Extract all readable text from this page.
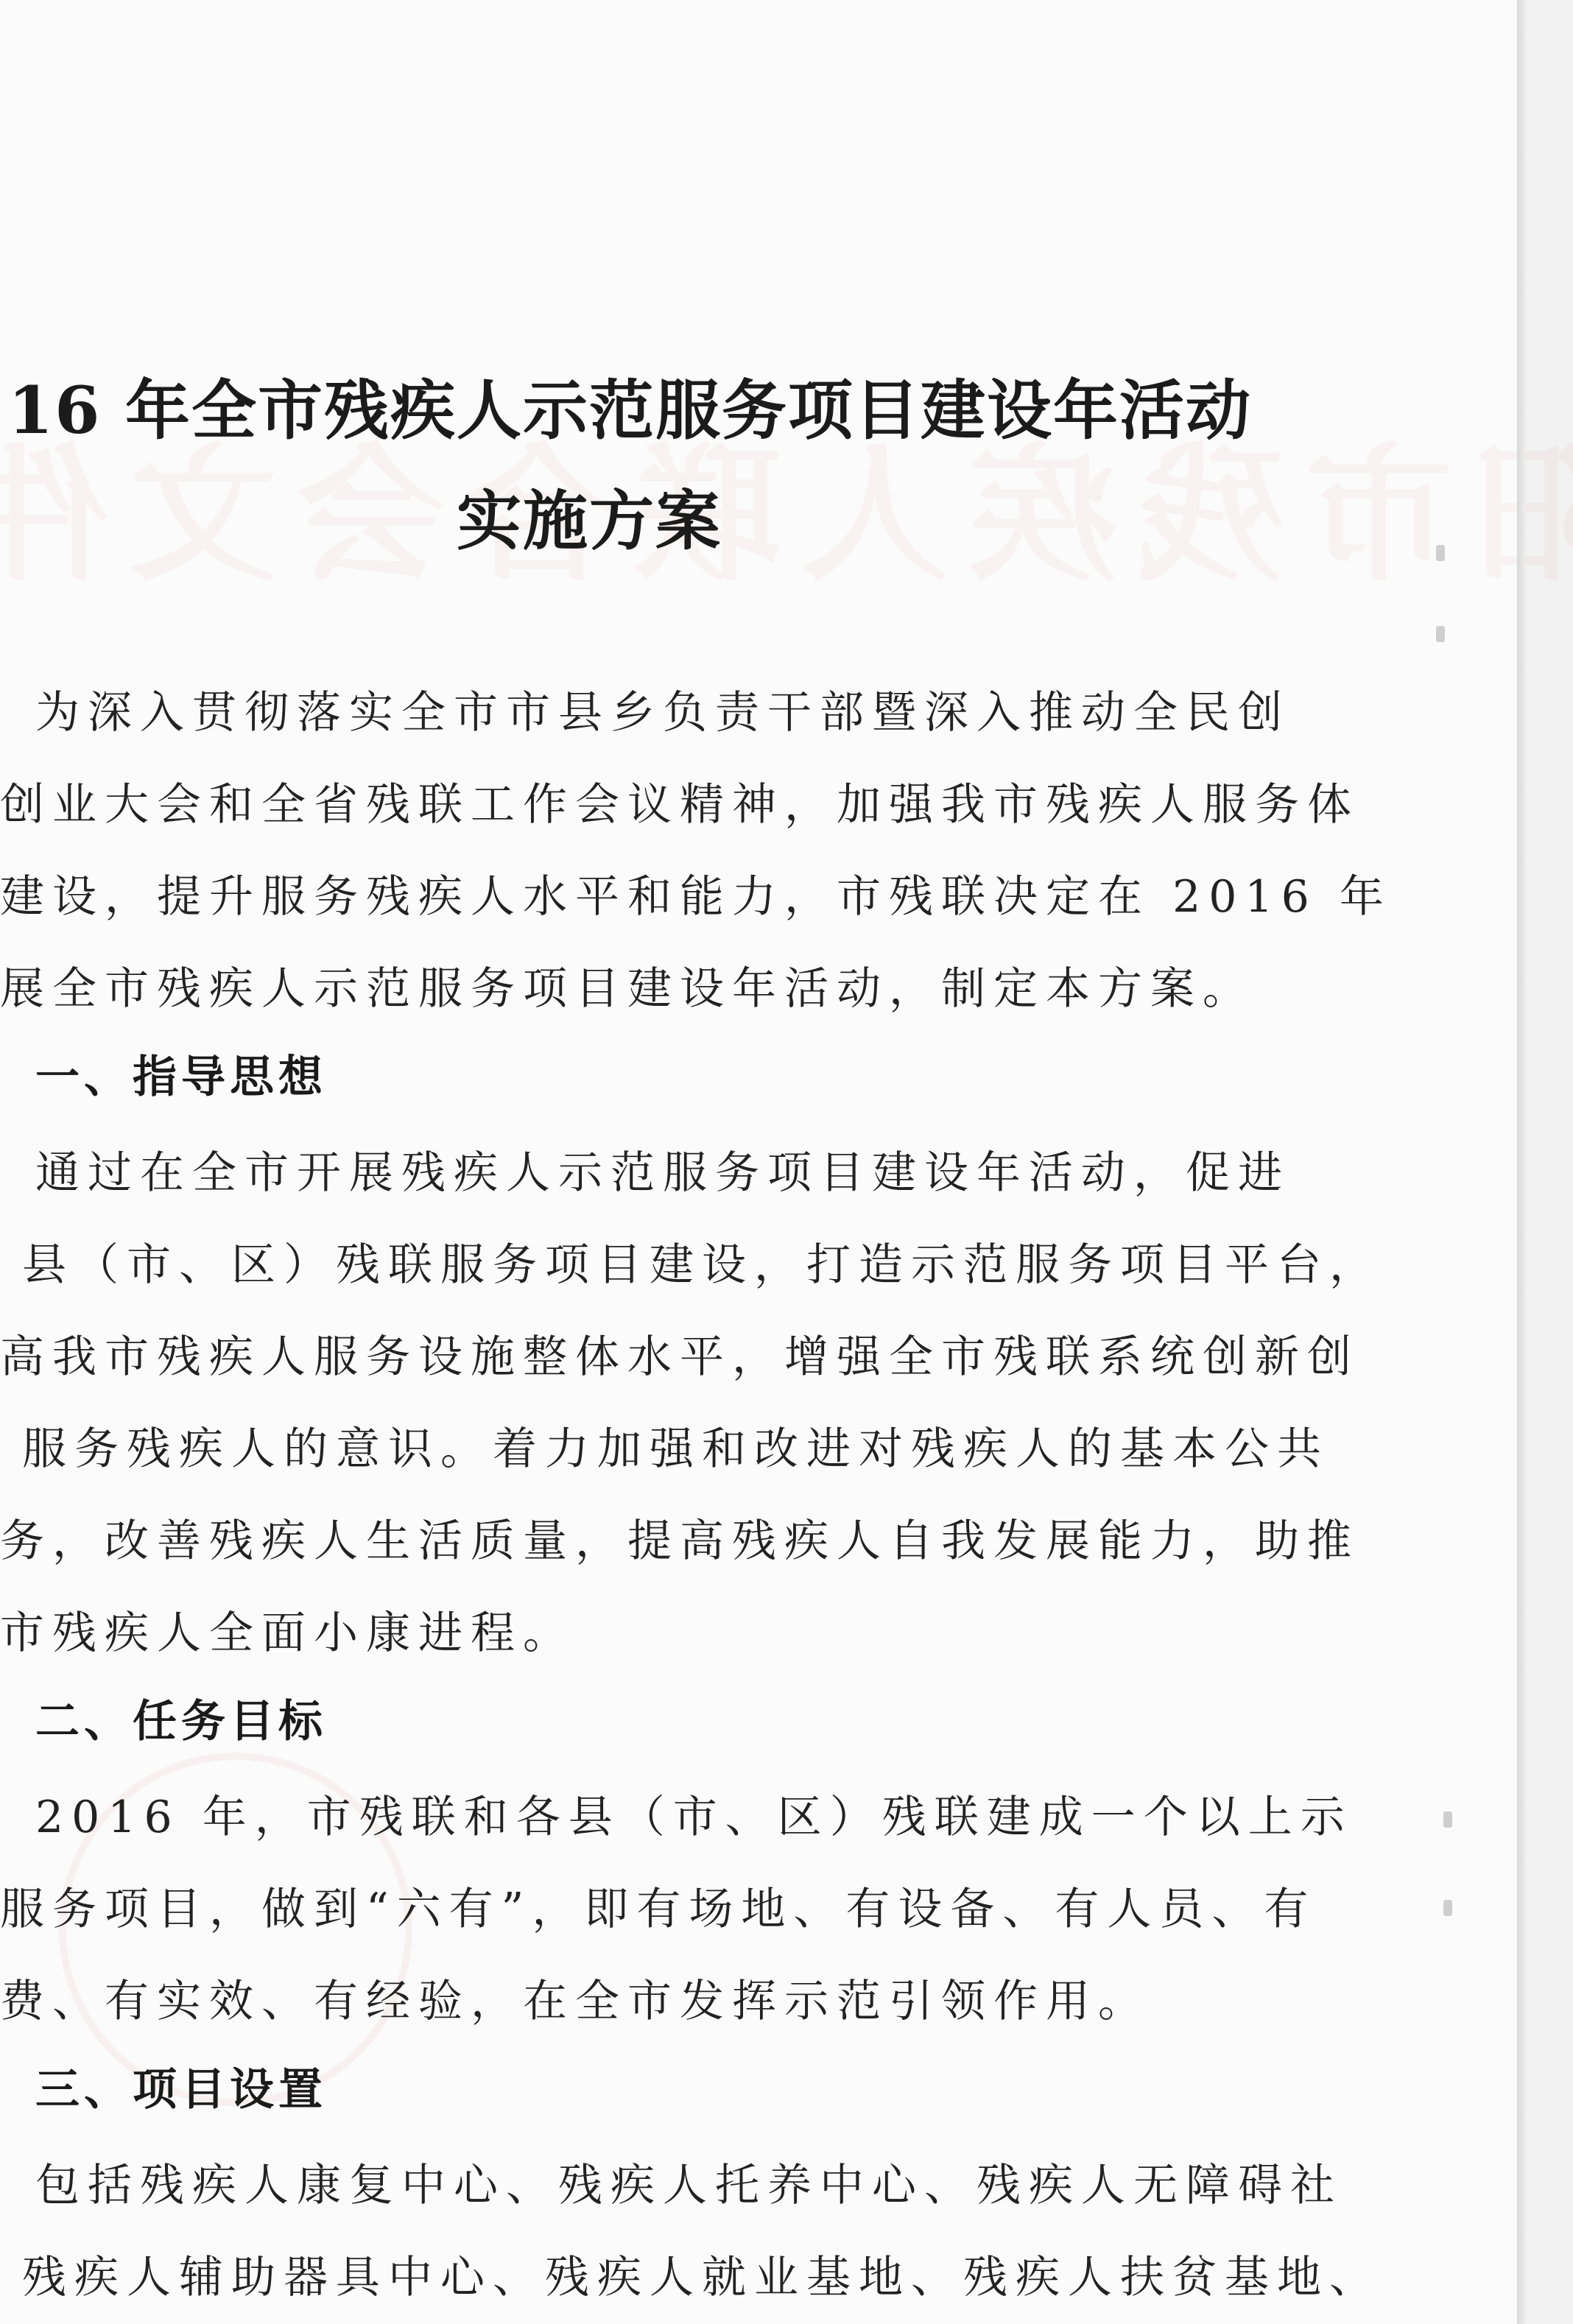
16 年全市残疾人示范服务项目建设年活动
实施方案
为深入贯彻落实全市市县乡负责干部暨深入推动全民创
创业大会和全省残联工作会议精神，加强我市残疾人服务体
建设，提升服务残疾人水平和能力，市残联决定在 2016 年
展全市残疾人示范服务项目建设年活动，制定本方案。
一、指导思想
通过在全市开展残疾人示范服务项目建设年活动，促进
县（市、区）残联服务项目建设，打造示范服务项目平台，
高我市残疾人服务设施整体水平，增强全市残联系统创新创
服务残疾人的意识。着力加强和改进对残疾人的基本公共
务，改善残疾人生活质量，提高残疾人自我发展能力，助推
市残疾人全面小康进程。
二、任务目标
2016 年，市残联和各县（市、区）残联建成一个以上示
服务项目，做到“六有”，即有场地、有设备、有人员、有
费、有实效、有经验，在全市发挥示范引领作用。
三、项目设置
包括残疾人康复中心、残疾人托养中心、残疾人无障碍社
残疾人辅助器具中心、残疾人就业基地、残疾人扶贫基地、
